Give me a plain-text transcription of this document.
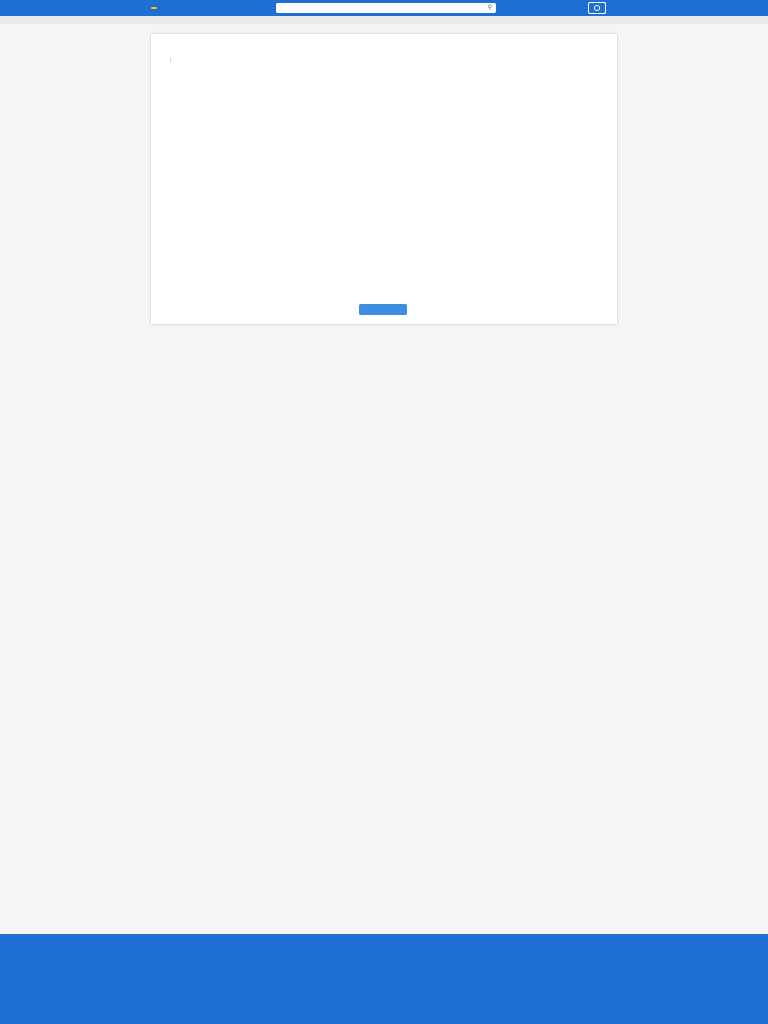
⚲
|
